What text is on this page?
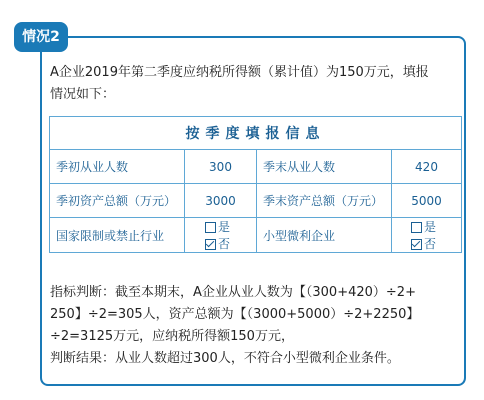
情况2
A企业2019年第二季度应纳税所得额（累计值）为150万元，填报
情况如下：
按季度填报信息			
季初从业人数	300	季末从业人数	420
季初资产总额（万元）	3000	季末资产总额（万元）	5000
国家限制或禁止行业	是否	小型微利企业	是否

指标判断：截至本期末，A企业从业人数为【（300+420）÷2+

250】÷2=305人，资产总额为【（3000+5000）÷2+2250】

÷2=3125万元，应纳税所得额150万元，

判断结果：从业人数超过300人，不符合小型微利企业条件。
